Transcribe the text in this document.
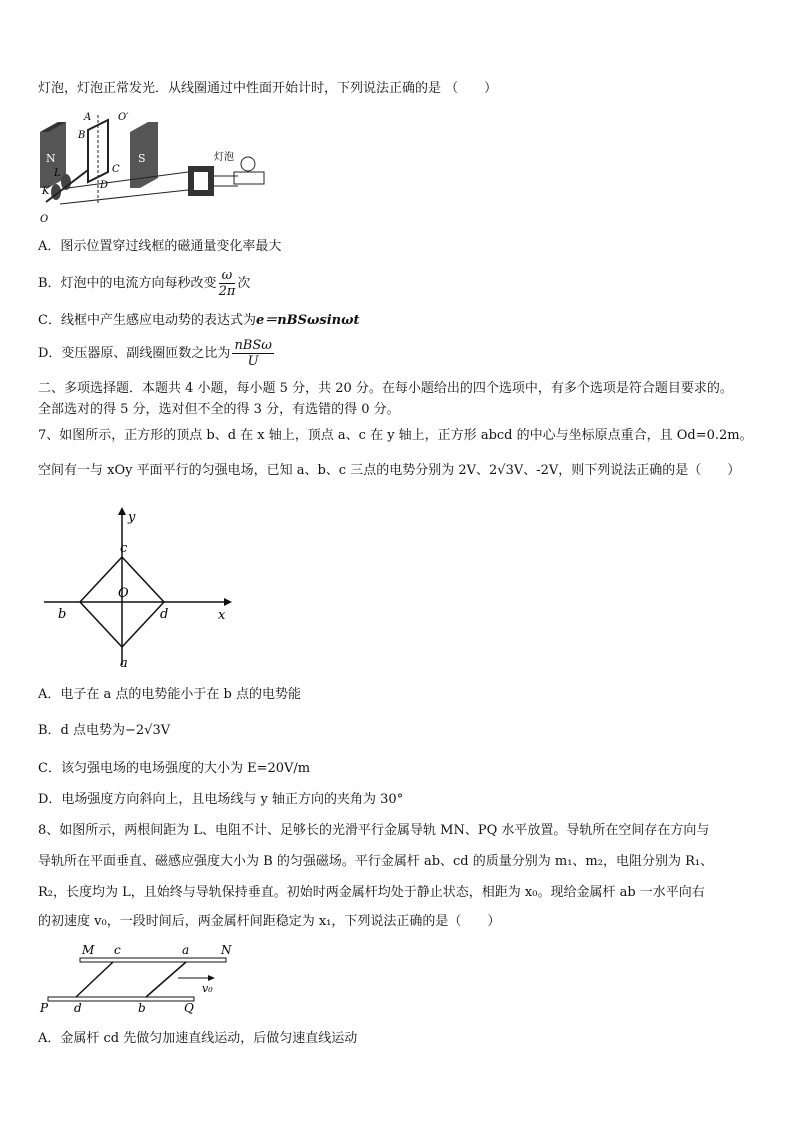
灯泡，灯泡正常发光．从线圈通过中性面开始计时，下列说法正确的是 （　　）
N	S
A
B
C
D
O′
L
K
O
灯泡
A．图示位置穿过线框的磁通量变化率最大
B．灯泡中的电流方向每秒改变 $\frac{\omega}{2\pi}$ 次
C．线框中产生感应电动势的表达式为e＝nBSωsinωt
D．变压器原、副线圈匝数之比为 $\frac{\text{nBSω}}{U}$
二、多项选择题．本题共 4 小题，每小题 5 分，共 20 分。在每小题给出的四个选项中，有多个选项是符合题目要求的。
全部选对的得 5 分，选对但不全的得 3 分，有选错的得 0 分。
7、如图所示，正方形的顶点 b、d 在 x 轴上，顶点 a、c 在 y 轴上，正方形 abcd 的中心与坐标原点重合，且 Od=0.2m。
空间有一与 xOy 平面平行的匀强电场，已知 a、b、c 三点的电势分别为 2V、2√3V、-2V，则下列说法正确的是（　　）
x
y
O
c
a
b	d
A．电子在 a 点的电势能小于在 b 点的电势能
B．d 点电势为−2√3V
C．该匀强电场的电场强度的大小为 E=20V/m
D．电场强度方向斜向上，且电场线与 y 轴正方向的夹角为 30°
8、如图所示，两根间距为 L、电阻不计、足够长的光滑平行金属导轨 MN、PQ 水平放置。导轨所在空间存在方向与
导轨所在平面垂直、磁感应强度大小为 B 的匀强磁场。平行金属杆 ab、cd 的质量分别为 m₁、m₂，电阻分别为 R₁、
R₂，长度均为 L，且始终与导轨保持垂直。初始时两金属杆均处于静止状态，相距为 x₀。现给金属杆 ab 一水平向右
的初速度 v₀，一段时间后，两金属杆间距稳定为 x₁，下列说法正确的是（　　）
M c	a	N
v₀
P d	b	Q
A．金属杆 cd 先做匀加速直线运动，后做匀速直线运动
